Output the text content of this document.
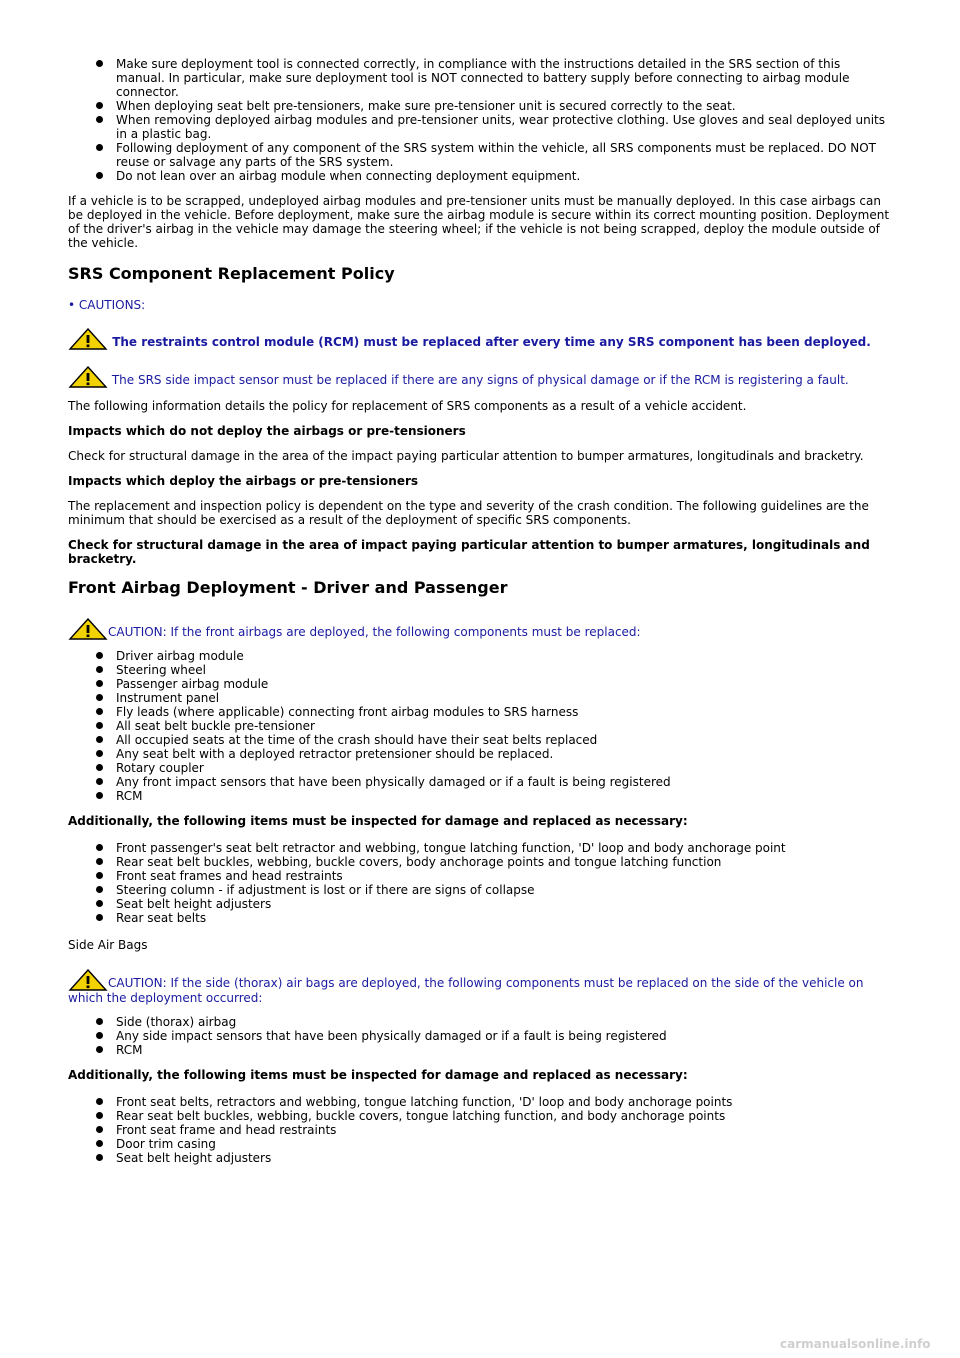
Make sure deployment tool is connected correctly, in compliance with the instructions detailed in the SRS section of this manual. In particular, make sure deployment tool is NOT connected to battery supply before connecting to airbag module connector.
When deploying seat belt pre-tensioners, make sure pre-tensioner unit is secured correctly to the seat.
When removing deployed airbag modules and pre-tensioner units, wear protective clothing. Use gloves and seal deployed units in a plastic bag.
Following deployment of any component of the SRS system within the vehicle, all SRS components must be replaced. DO NOT reuse or salvage any parts of the SRS system.
Do not lean over an airbag module when connecting deployment equipment.

If a vehicle is to be scrapped, undeployed airbag modules and pre-tensioner units must be manually deployed. In this case airbags can be deployed in the vehicle. Before deployment, make sure the airbag module is secure within its correct mounting position. Deployment of the driver's airbag in the vehicle may damage the steering wheel; if the vehicle is not being scrapped, deploy the module outside of the vehicle.

SRS Component Replacement Policy

• CAUTIONS:

The restraints control module (RCM) must be replaced after every time any SRS component has been deployed.

The SRS side impact sensor must be replaced if there are any signs of physical damage or if the RCM is registering a fault.

The following information details the policy for replacement of SRS components as a result of a vehicle accident.

Impacts which do not deploy the airbags or pre-tensioners

Check for structural damage in the area of the impact paying particular attention to bumper armatures, longitudinals and bracketry.

Impacts which deploy the airbags or pre-tensioners

The replacement and inspection policy is dependent on the type and severity of the crash condition. The following guidelines are the minimum that should be exercised as a result of the deployment of specific SRS components.

Check for structural damage in the area of impact paying particular attention to bumper armatures, longitudinals and bracketry.

Front Airbag Deployment - Driver and Passenger

CAUTION: If the front airbags are deployed, the following components must be replaced:

Driver airbag module
Steering wheel
Passenger airbag module
Instrument panel
Fly leads (where applicable) connecting front airbag modules to SRS harness
All seat belt buckle pre-tensioner
All occupied seats at the time of the crash should have their seat belts replaced
Any seat belt with a deployed retractor pretensioner should be replaced.
Rotary coupler
Any front impact sensors that have been physically damaged or if a fault is being registered
RCM

Additionally, the following items must be inspected for damage and replaced as necessary:

Front passenger's seat belt retractor and webbing, tongue latching function, 'D' loop and body anchorage point
Rear seat belt buckles, webbing, buckle covers, body anchorage points and tongue latching function
Front seat frames and head restraints
Steering column - if adjustment is lost or if there are signs of collapse
Seat belt height adjusters
Rear seat belts

Side Air Bags

CAUTION: If the side (thorax) air bags are deployed, the following components must be replaced on the side of the vehicle on which the deployment occurred:

Side (thorax) airbag
Any side impact sensors that have been physically damaged or if a fault is being registered
RCM

Additionally, the following items must be inspected for damage and replaced as necessary:

Front seat belts, retractors and webbing, tongue latching function, 'D' loop and body anchorage points
Rear seat belt buckles, webbing, buckle covers, tongue latching function, and body anchorage points
Front seat frame and head restraints
Door trim casing
Seat belt height adjusters
carmanualsonline.info
